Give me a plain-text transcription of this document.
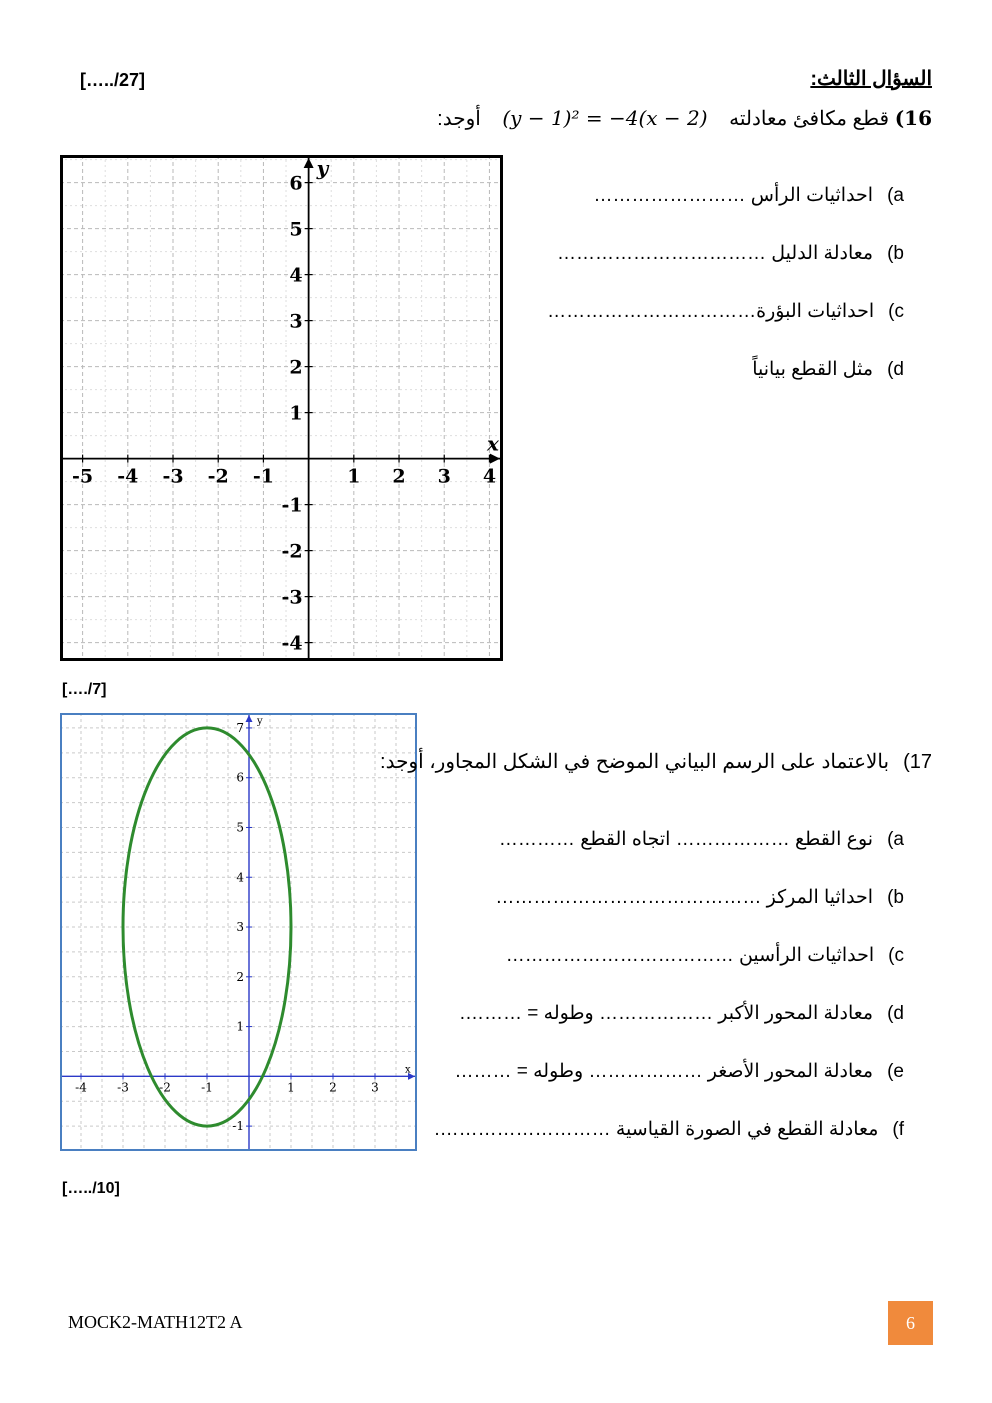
السؤال الثالث:
[…../27]
16) قطع مكافئ معادلته (y − 1)² = −4(x − 2) أوجد:
a)احداثيات الرأس ……………………
b)معادلة الدليل ……………………………
c)احداثيات البؤرة……………………………
d)مثل القطع بيانياً
-5 -4 -3 -2 -1	1 2 3 4
6
5
4
3
2
1
-1
-2
-3
-4
x
y
[…./7]
-4	-3	-2	-1	1	2	3
7
6
5
4
3
2
1
-1
x
y
17)بالاعتماد على الرسم البياني الموضح في الشكل المجاور، أوجد:
a)نوع القطع ……………… اتجاه القطع …………
b)احداثيا المركز ……………………………………
c)احداثيات الرأسين ………………………………
d)معادلة المحور الأكبر ……………… وطوله = ……….
e)معادلة المحور الأصغر ……………… وطوله = ………
f)معادلة القطع في الصورة القياسية ……………………….
[…../10]
MOCK2-MATH12T2 A	6
